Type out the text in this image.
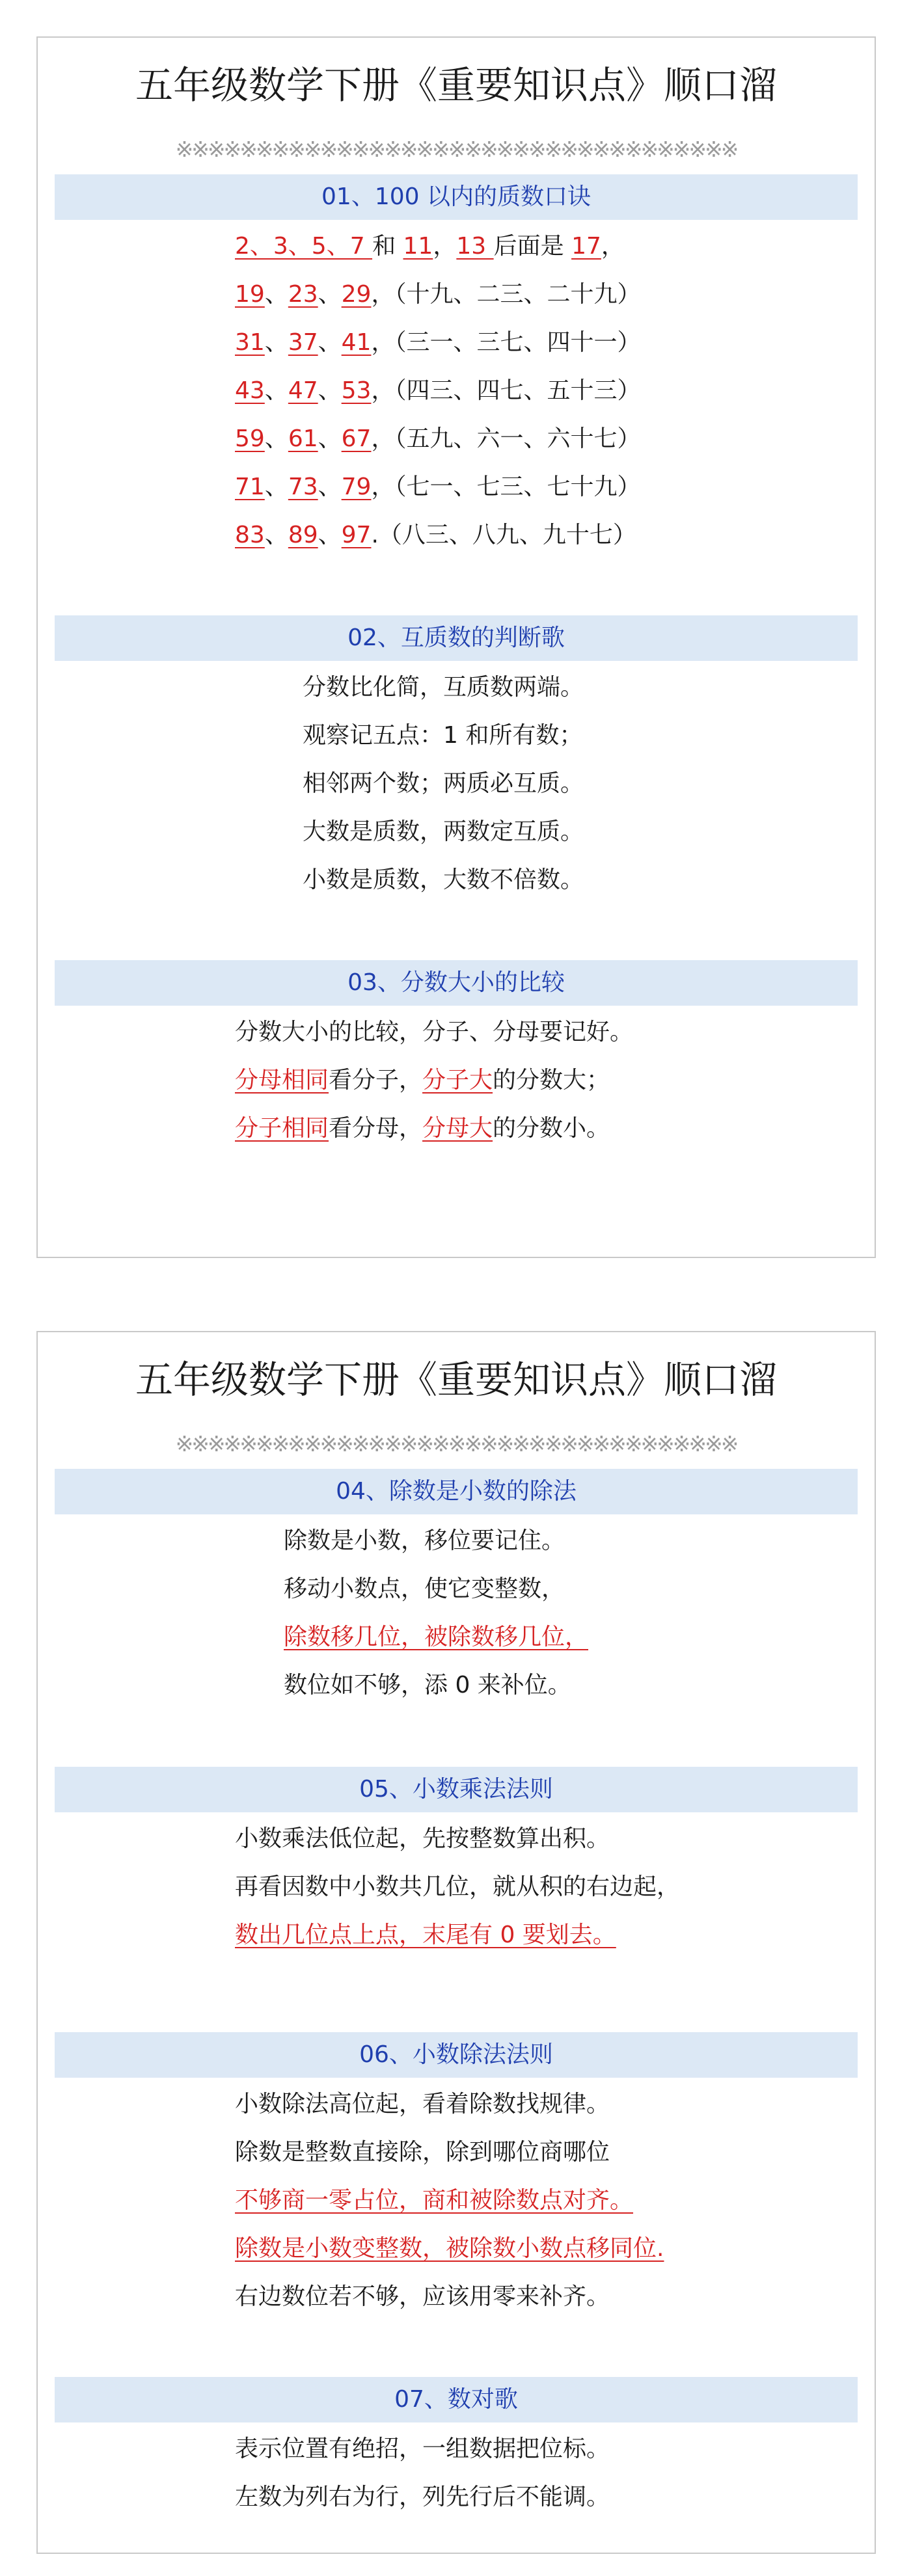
五年级数学下册《重要知识点》顺口溜
※※※※※※※※※※※※※※※※※※※※※※※※※※※※※※※※※※※
01、100 以内的质数口诀
2、3、5、7 和 11，13 后面是 17，
19、23、29，（十九、二三、二十九）
31、37、41，（三一、三七、四十一）
43、47、53，（四三、四七、五十三）
59、61、67，（五九、六一、六十七）
71、73、79，（七一、七三、七十九）
83、89、97.（八三、八九、九十七）
02、互质数的判断歌
分数比化简，互质数两端。
观察记五点：1 和所有数；
相邻两个数；两质必互质。
大数是质数，两数定互质。
小数是质数，大数不倍数。
03、分数大小的比较
分数大小的比较，分子、分母要记好。
分母相同看分子，分子大的分数大；
分子相同看分母，分母大的分数小。
五年级数学下册《重要知识点》顺口溜
※※※※※※※※※※※※※※※※※※※※※※※※※※※※※※※※※※※
04、除数是小数的除法
除数是小数，移位要记住。
移动小数点，使它变整数，
除数移几位，被除数移几位，
数位如不够，添 0 来补位。
05、小数乘法法则
小数乘法低位起，先按整数算出积。
再看因数中小数共几位，就从积的右边起，
数出几位点上点，末尾有 0 要划去。
06、小数除法法则
小数除法高位起，看着除数找规律。
除数是整数直接除，除到哪位商哪位
不够商一零占位，商和被除数点对齐。
除数是小数变整数，被除数小数点移同位.
右边数位若不够，应该用零来补齐。
07、数对歌
表示位置有绝招，一组数据把位标。
左数为列右为行，列先行后不能调。
